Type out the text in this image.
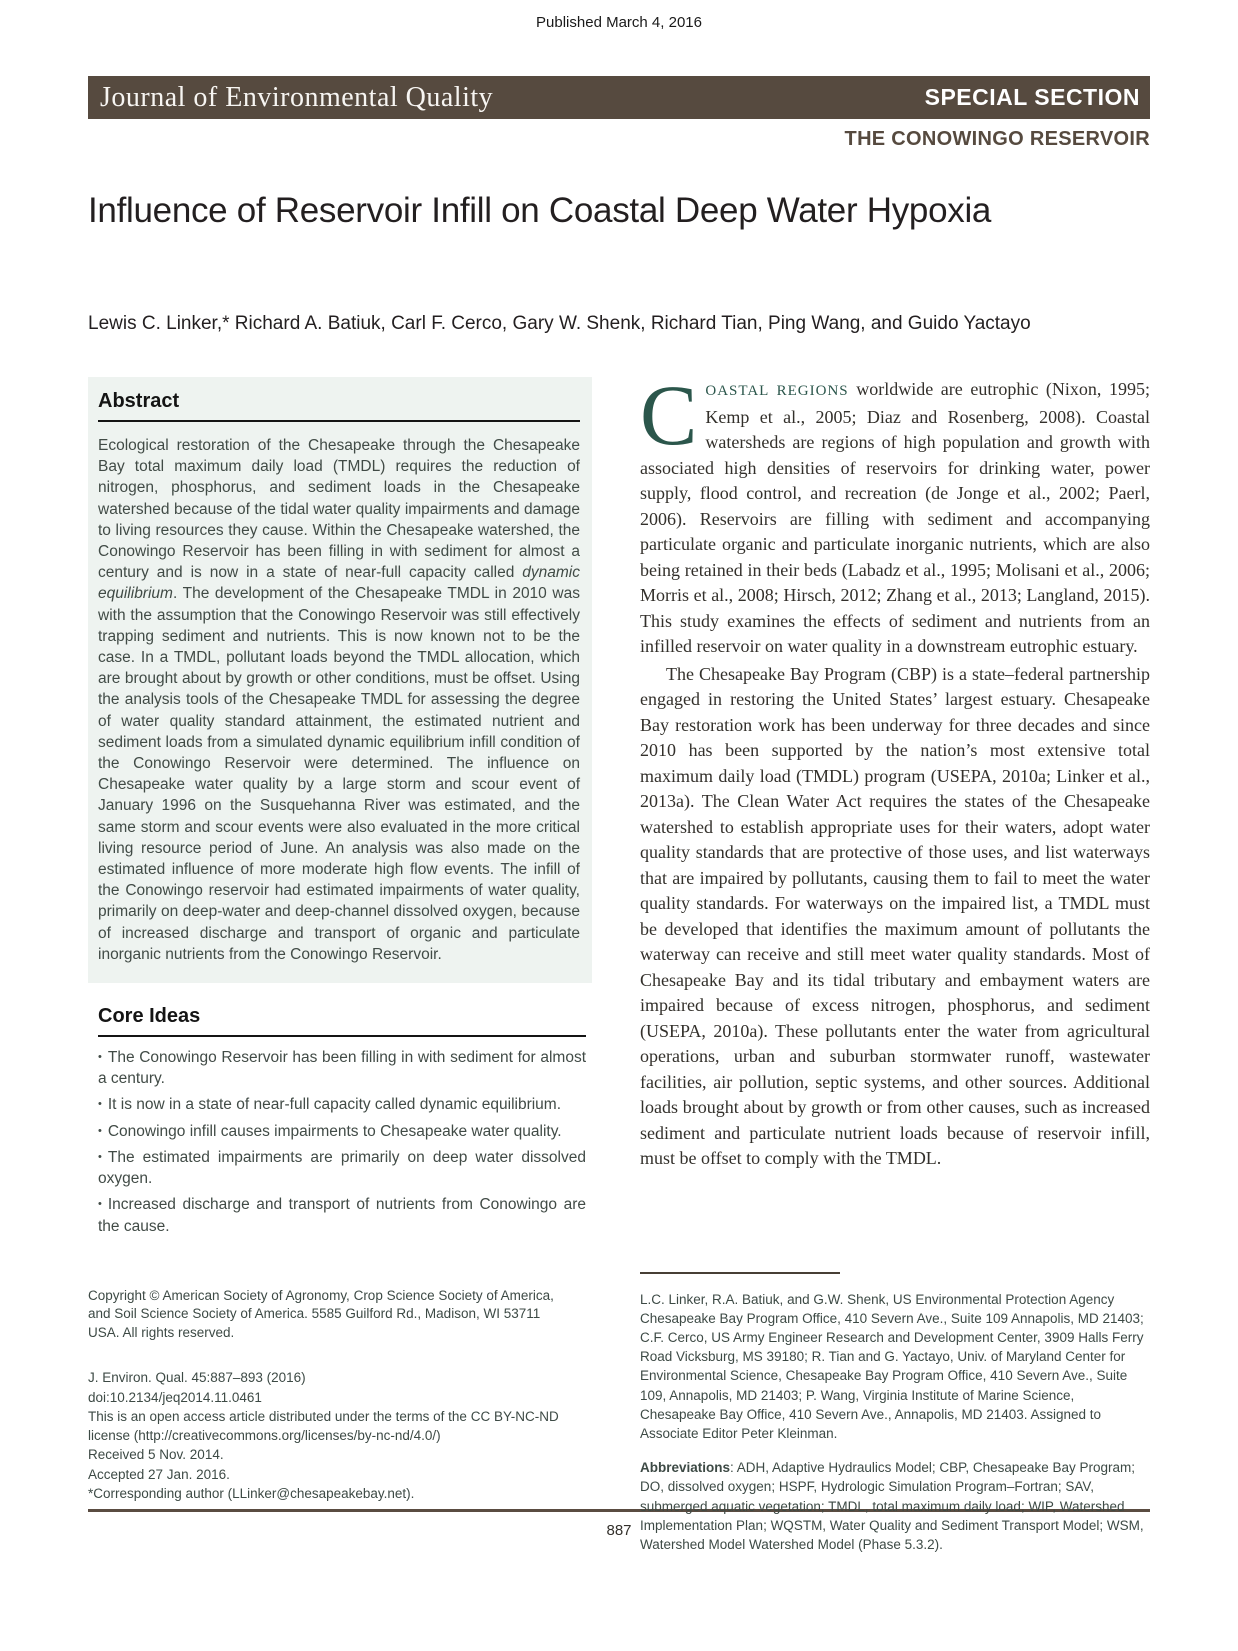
Published March 4, 2016
Journal of Environmental Quality	SPECIAL SECTION
THE CONOWINGO RESERVOIR
Influence of Reservoir Infill on Coastal Deep Water Hypoxia
Lewis C. Linker,* Richard A. Batiuk, Carl F. Cerco, Gary W. Shenk, Richard Tian, Ping Wang, and Guido Yactayo
Abstract

Ecological restoration of the Chesapeake through the Chesapeake Bay total maximum daily load (TMDL) requires the reduction of nitrogen, phosphorus, and sediment loads in the Chesapeake watershed because of the tidal water quality impairments and damage to living resources they cause. Within the Chesapeake watershed, the Conowingo Reservoir has been filling in with sediment for almost a century and is now in a state of near-full capacity called dynamic equilibrium. The development of the Chesapeake TMDL in 2010 was with the assumption that the Conowingo Reservoir was still effectively trapping sediment and nutrients. This is now known not to be the case. In a TMDL, pollutant loads beyond the TMDL allocation, which are brought about by growth or other conditions, must be offset. Using the analysis tools of the Chesapeake TMDL for assessing the degree of water quality standard attainment, the estimated nutrient and sediment loads from a simulated dynamic equilibrium infill condition of the Conowingo Reservoir were determined. The influence on Chesapeake water quality by a large storm and scour event of January 1996 on the Susquehanna River was estimated, and the same storm and scour events were also evaluated in the more critical living resource period of June. An analysis was also made on the estimated influence of more moderate high flow events. The infill of the Conowingo reservoir had estimated impairments of water quality, primarily on deep-water and deep-channel dissolved oxygen, because of increased discharge and transport of organic and particulate inorganic nutrients from the Conowingo Reservoir.

Core Ideas

• The Conowingo Reservoir has been filling in with sediment for almost a century.

• It is now in a state of near-full capacity called dynamic equilibrium.

• Conowingo infill causes impairments to Chesapeake water quality.

• The estimated impairments are primarily on deep water dissolved oxygen.

• Increased discharge and transport of nutrients from Conowingo are the cause.

Copyright © American Society of Agronomy, Crop Science Society of America, and Soil Science Society of America. 5585 Guilford Rd., Madison, WI 53711 USA. All rights reserved.

J. Environ. Qual. 45:887–893 (2016)
doi:10.2134/jeq2014.11.0461
This is an open access article distributed under the terms of the CC BY-NC-ND license (http://creativecommons.org/licenses/by-nc-nd/4.0/)
Received 5 Nov. 2014.
Accepted 27 Jan. 2016.
*Corresponding author (LLinker@chesapeakebay.net).

COASTAL REGIONS worldwide are eutrophic (Nixon, 1995; Kemp et al., 2005; Diaz and Rosenberg, 2008). Coastal watersheds are regions of high population and growth with associated high densities of reservoirs for drinking water, power supply, flood control, and recreation (de Jonge et al., 2002; Paerl, 2006). Reservoirs are filling with sediment and accompanying particulate organic and particulate inorganic nutrients, which are also being retained in their beds (Labadz et al., 1995; Molisani et al., 2006; Morris et al., 2008; Hirsch, 2012; Zhang et al., 2013; Langland, 2015). This study examines the effects of sediment and nutrients from an infilled reservoir on water quality in a downstream eutrophic estuary.

The Chesapeake Bay Program (CBP) is a state–federal partnership engaged in restoring the United States’ largest estuary. Chesapeake Bay restoration work has been underway for three decades and since 2010 has been supported by the nation’s most extensive total maximum daily load (TMDL) program (USEPA, 2010a; Linker et al., 2013a). The Clean Water Act requires the states of the Chesapeake watershed to establish appropriate uses for their waters, adopt water quality standards that are protective of those uses, and list waterways that are impaired by pollutants, causing them to fail to meet the water quality standards. For waterways on the impaired list, a TMDL must be developed that identifies the maximum amount of pollutants the waterway can receive and still meet water quality standards. Most of Chesapeake Bay and its tidal tributary and embayment waters are impaired because of excess nitrogen, phosphorus, and sediment (USEPA, 2010a). These pollutants enter the water from agricultural operations, urban and suburban stormwater runoff, wastewater facilities, air pollution, septic systems, and other sources. Additional loads brought about by growth or from other causes, such as increased sediment and particulate nutrient loads because of reservoir infill, must be offset to comply with the TMDL.

L.C. Linker, R.A. Batiuk, and G.W. Shenk, US Environmental Protection Agency Chesapeake Bay Program Office, 410 Severn Ave., Suite 109 Annapolis, MD 21403; C.F. Cerco, US Army Engineer Research and Development Center, 3909 Halls Ferry Road Vicksburg, MS 39180; R. Tian and G. Yactayo, Univ. of Maryland Center for Environmental Science, Chesapeake Bay Program Office, 410 Severn Ave., Suite 109, Annapolis, MD 21403; P. Wang, Virginia Institute of Marine Science, Chesapeake Bay Office, 410 Severn Ave., Annapolis, MD 21403. Assigned to Associate Editor Peter Kleinman.

Abbreviations: ADH, Adaptive Hydraulics Model; CBP, Chesapeake Bay Program; DO, dissolved oxygen; HSPF, Hydrologic Simulation Program–Fortran; SAV, submerged aquatic vegetation; TMDL, total maximum daily load; WIP, Watershed Implementation Plan; WQSTM, Water Quality and Sediment Transport Model; WSM, Watershed Model Watershed Model (Phase 5.3.2).

887
